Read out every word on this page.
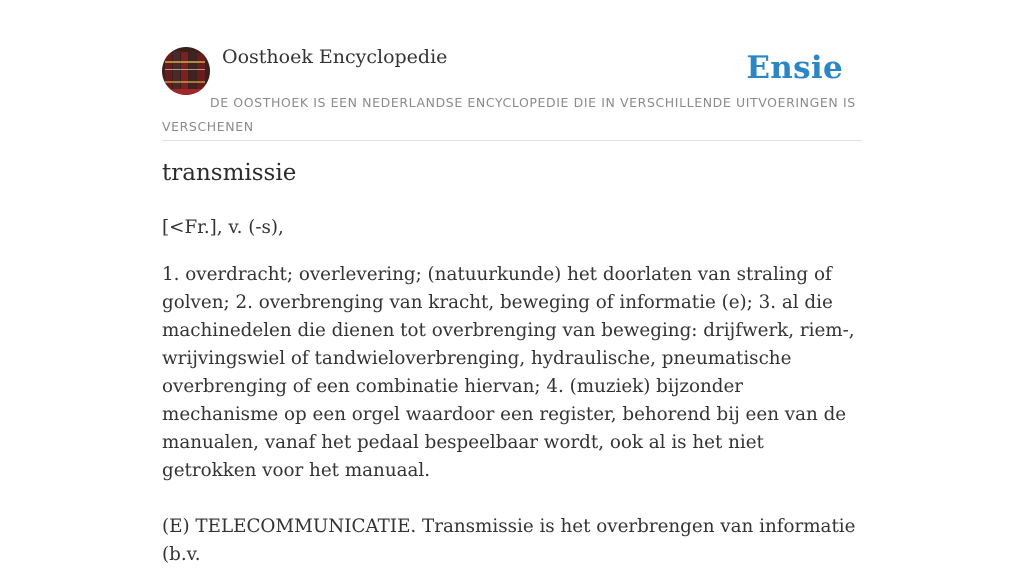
Oosthoek Encyclopedie	Ensie

DE OOSTHOEK IS EEN NEDERLANDSE ENCYCLOPEDIE DIE IN VERSCHILLENDE UITVOERINGEN IS VERSCHENEN

transmissie

[<Fr.], v. (-s),

1. overdracht; overlevering; (natuurkunde) het doorlaten van straling of golven; 2. overbrenging van kracht, beweging of informatie (e); 3. al die machinedelen die dienen tot overbrenging van beweging: drijfwerk, riem-, wrijvingswiel of tandwieloverbrenging, hydraulische, pneumatische overbrenging of een combinatie hiervan; 4. (muziek) bijzonder mechanisme op een orgel waardoor een register, behorend bij een van de manualen, vanaf het pedaal bespeelbaar wordt, ook al is het niet getrokken voor het manuaal.

(E) TELECOMMUNICATIE. Transmissie is het overbrengen van informatie (b.v.
